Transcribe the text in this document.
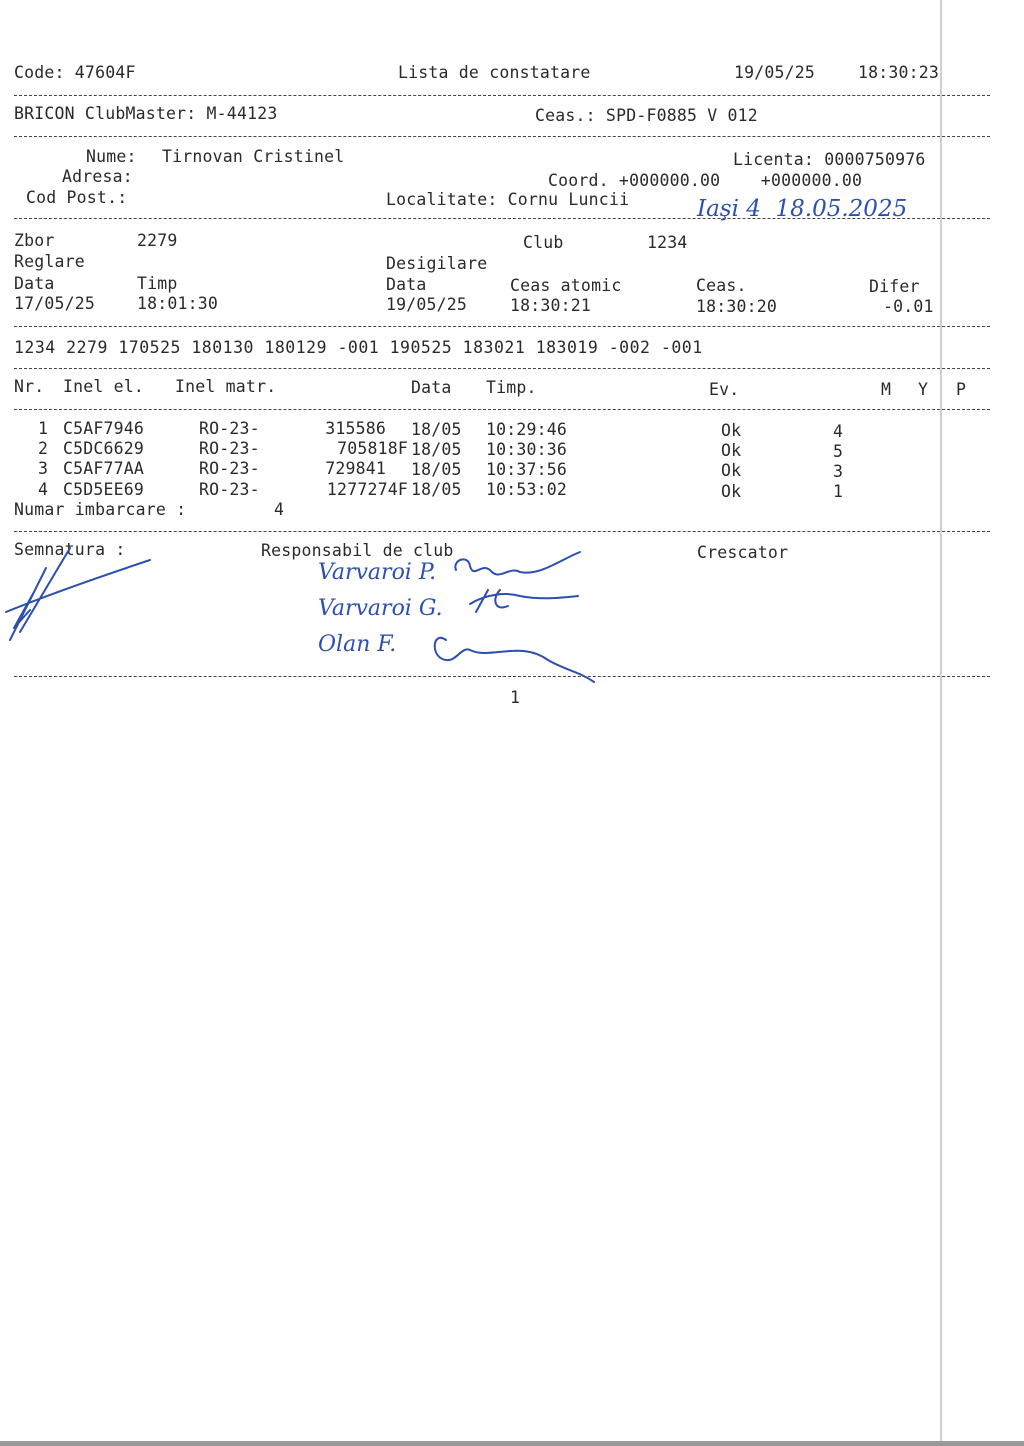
Code: 47604F	Lista de constatare	19/05/25	18:30:23
BRICON ClubMaster: M-44123	Ceas.: SPD-F0885 V 012
Nume: Tirnovan Cristinel	Licenta: 0000750976
Adresa:	Coord. +000000.00    +000000.00
Cod Post.:	Localitate: Cornu Luncii	Iaşi 4  18.05.2025
Zbor	2279	Club	1234
Reglare	Desigilare
Data	Timp	Data	Ceas atomic	Ceas.	Difer
17/05/25	18:01:30	19/05/25	18:30:21	18:30:20	-0.01
1234 2279 170525 180130 180129 -001 190525 183021 183019 -002 -001
Nr. Inel el. Inel matr.	Data Timp.	Ev.	M Y P
1 C5AF7946	RO-23-	315586 18/05 10:29:46	Ok	4
2 C5DC6629	RO-23-	705818F 18/05 10:30:36	Ok	5
3 C5AF77AA	RO-23-	729841 18/05 10:37:56	Ok	3
4 C5D5EE69	RO-23-	1277274F 18/05 10:53:02	Ok	1
Numar imbarcare :	4
Semnatura :	Responsabil de club	Crescator
Varvaroi P.
Varvaroi G.
Olan F.
1
